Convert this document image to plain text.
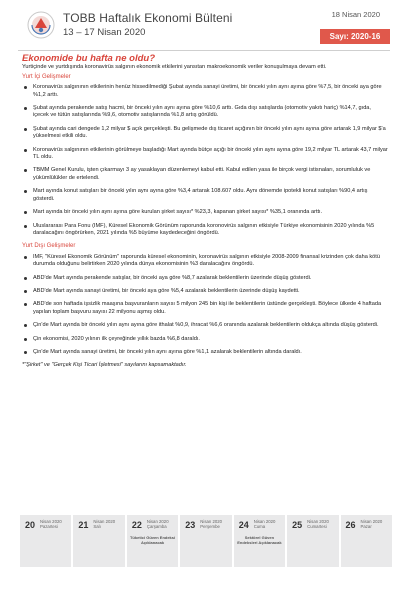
TOBB Haftalık Ekonomi Bülteni
13 – 17 Nisan 2020
18 Nisan 2020
Sayı: 2020-16
Ekonomide bu hafta ne oldu?
Yurtiçinde ve yurtdışında koronavirüs salgının ekonomik etkilerini yansıtan makroekonomik veriler konuşulmaya devam etti.
Yurt İçi Gelişmeler
Koronavirüs salgınının etkilerinin henüz hissedilmediği Şubat ayında sanayi üretimi, bir önceki yılın aynı ayına göre %7,5, bir önceki aya göre %1,2 arttı.
Şubat ayında perakende satış hacmi, bir önceki yılın aynı ayına göre %10,6 arttı. Gıda dışı satışlarda (otomotiv yakıtı hariç) %14,7, gıda, içecek ve tütün satışlarında %9,6, otomotiv satışlarında %1,8 artış görüldü.
Şubat ayında cari dengede 1,2 milyar $ açık gerçekleşti. Bu gelişmede dış ticaret açığının bir önceki yılın aynı ayına göre artarak 1,9 milyar $'a yükselmesi etkili oldu.
Koronavirüs salgınının etkilerinin görülmeye başladığı Mart ayında bütçe açığı bir önceki yılın aynı ayına göre 19,2 milyar TL artarak 43,7 milyar TL oldu.
TBMM Genel Kurulu, işten çıkarmayı 3 ay yasaklayan düzenlemeyi kabul etti. Kabul edilen yasa ile birçok vergi istisnaları, sorumluluk ve yükümlülükler de ertelendi.
Mart ayında konut satışları bir önceki yılın aynı ayına göre %3,4 artarak 108.607 oldu. Aynı dönemde ipotekli konut satışları %90,4 artış gösterdi.
Mart ayında bir önceki yılın aynı ayına göre kurulan şirket sayısı* %23,3, kapanan şirket sayısı* %35,1 oranında arttı.
Uluslararası Para Fonu (IMF), Küresel Ekonomik Görünüm raporunda koronovirüs salgının etkisiyle Türkiye ekonomisinin 2020 yılında %5 daralacağını öngörürken, 2021 yılında %5 büyüme kaydedeceğini öngördü.
Yurt Dışı Gelişmeler
IMF, "Küresel Ekonomik Görünüm" raporunda küresel ekonominin, koronavirüs salgının etkisiyle 2008-2009 finansal krizinden çok daha kötü durumda olduğunu belirtirken 2020 yılında dünya ekonomisinin %3 daralacağını öngördü.
ABD'de Mart ayında perakende satışlar, bir önceki aya göre %8,7 azalarak beklentilerin üzerinde düşüş gösterdi.
ABD'de Mart ayında sanayi üretimi, bir önceki aya göre %5,4 azalarak beklentilerin üzerinde düşüş kaydetti.
ABD'de son haftada işsizlik maaşına başvuranların sayısı 5 milyon 245 bin kişi ile beklentilerin üstünde gerçekleşti. Böylece ülkede 4 haftada yapılan toplam başvuru sayısı 22 milyonu aşmış oldu.
Çin'de Mart ayında bir önceki yılın aynı ayına göre ithalat %0,9, ihracat %6,6 oranında azalarak beklentilerin oldukça altında düşüş gösterdi.
Çin ekonomisi, 2020 yılının ilk çeyreğinde yıllık bazda %6,8 daraldı.
Çin'de Mart ayında sanayi üretimi, bir önceki yılın aynı ayına göre %1,1 azalarak beklentilerin altında daraldı.
*"Şirket" ve "Gerçek Kişi Ticari İşletmesi" sayılarını kapsamaktadır.
20 Nisan 2020
Pazartesi	21 Nisan 2020
Salı	22 Nisan 2020
Çarşamba
Tüketici Güven Endeksi Açıklanacak
23 Nisan 2020
Perşembe 24 Nisan 2020
Cuma
Sektörel Güven Endeksleri Açıklanacak
25 Nisan 2020
Cumartesi 26 Nisan 2020
Pazar
